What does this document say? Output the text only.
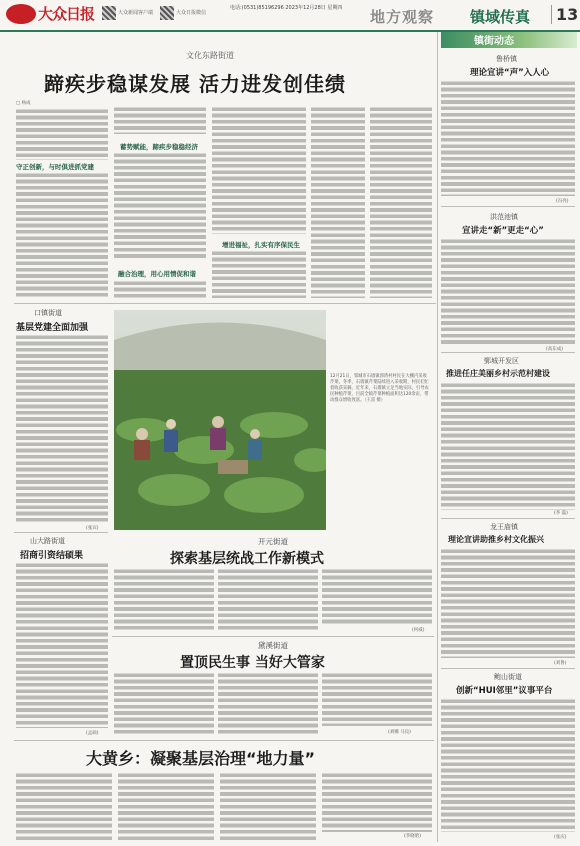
大众日报	大众新闻客户端	大众日报微信
电话:(0531)85196296 2023年12月28日 星期四 地方观察 镇域传真	13
文化东路街道
蹄疾步稳谋发展 活力进发创佳绩
□ 杨成
守正创新，与时俱进抓党建
蓄势赋能，蹄疾步稳稳经济
融合治理，用心用情促和谐
增进福祉，扎实有序保民生
口镇街道
基层党建全面加强
(张宾)
12月21日，邹城市石墙镇郭湾村村民在大棚内采收芹菜。冬季，石墙镇芹菜陆续进入采收期，村民们忙着收获采摘。近年来，石墙镇立足当地实际，引导农民种植芹菜，目前全镇芹菜种植面积达120余亩，带动群众增收致富。（王雷 摄）
山大路街道
招商引资结硕果
(孟硕)
开元街道
探索基层统战工作新模式
(何威)
黛溪街道
置顶民生事 当好大管家
(刘娜 马良)
大黄乡：凝聚基层治理“地力量”
(李晓晗)
镇街动态
鲁桥镇
理论宣讲“声”入人心
(冯亮)
洪范池镇
宣讲走“新”更走“心”
(高东成)
鄄城开发区
推进任庄美丽乡村示范村建设
(李 磊)
龙王庙镇
理论宣讲助推乡村文化振兴
(刘鲁)
鲍山街道
创新“HUI邻里”议事平台
(张庆)
